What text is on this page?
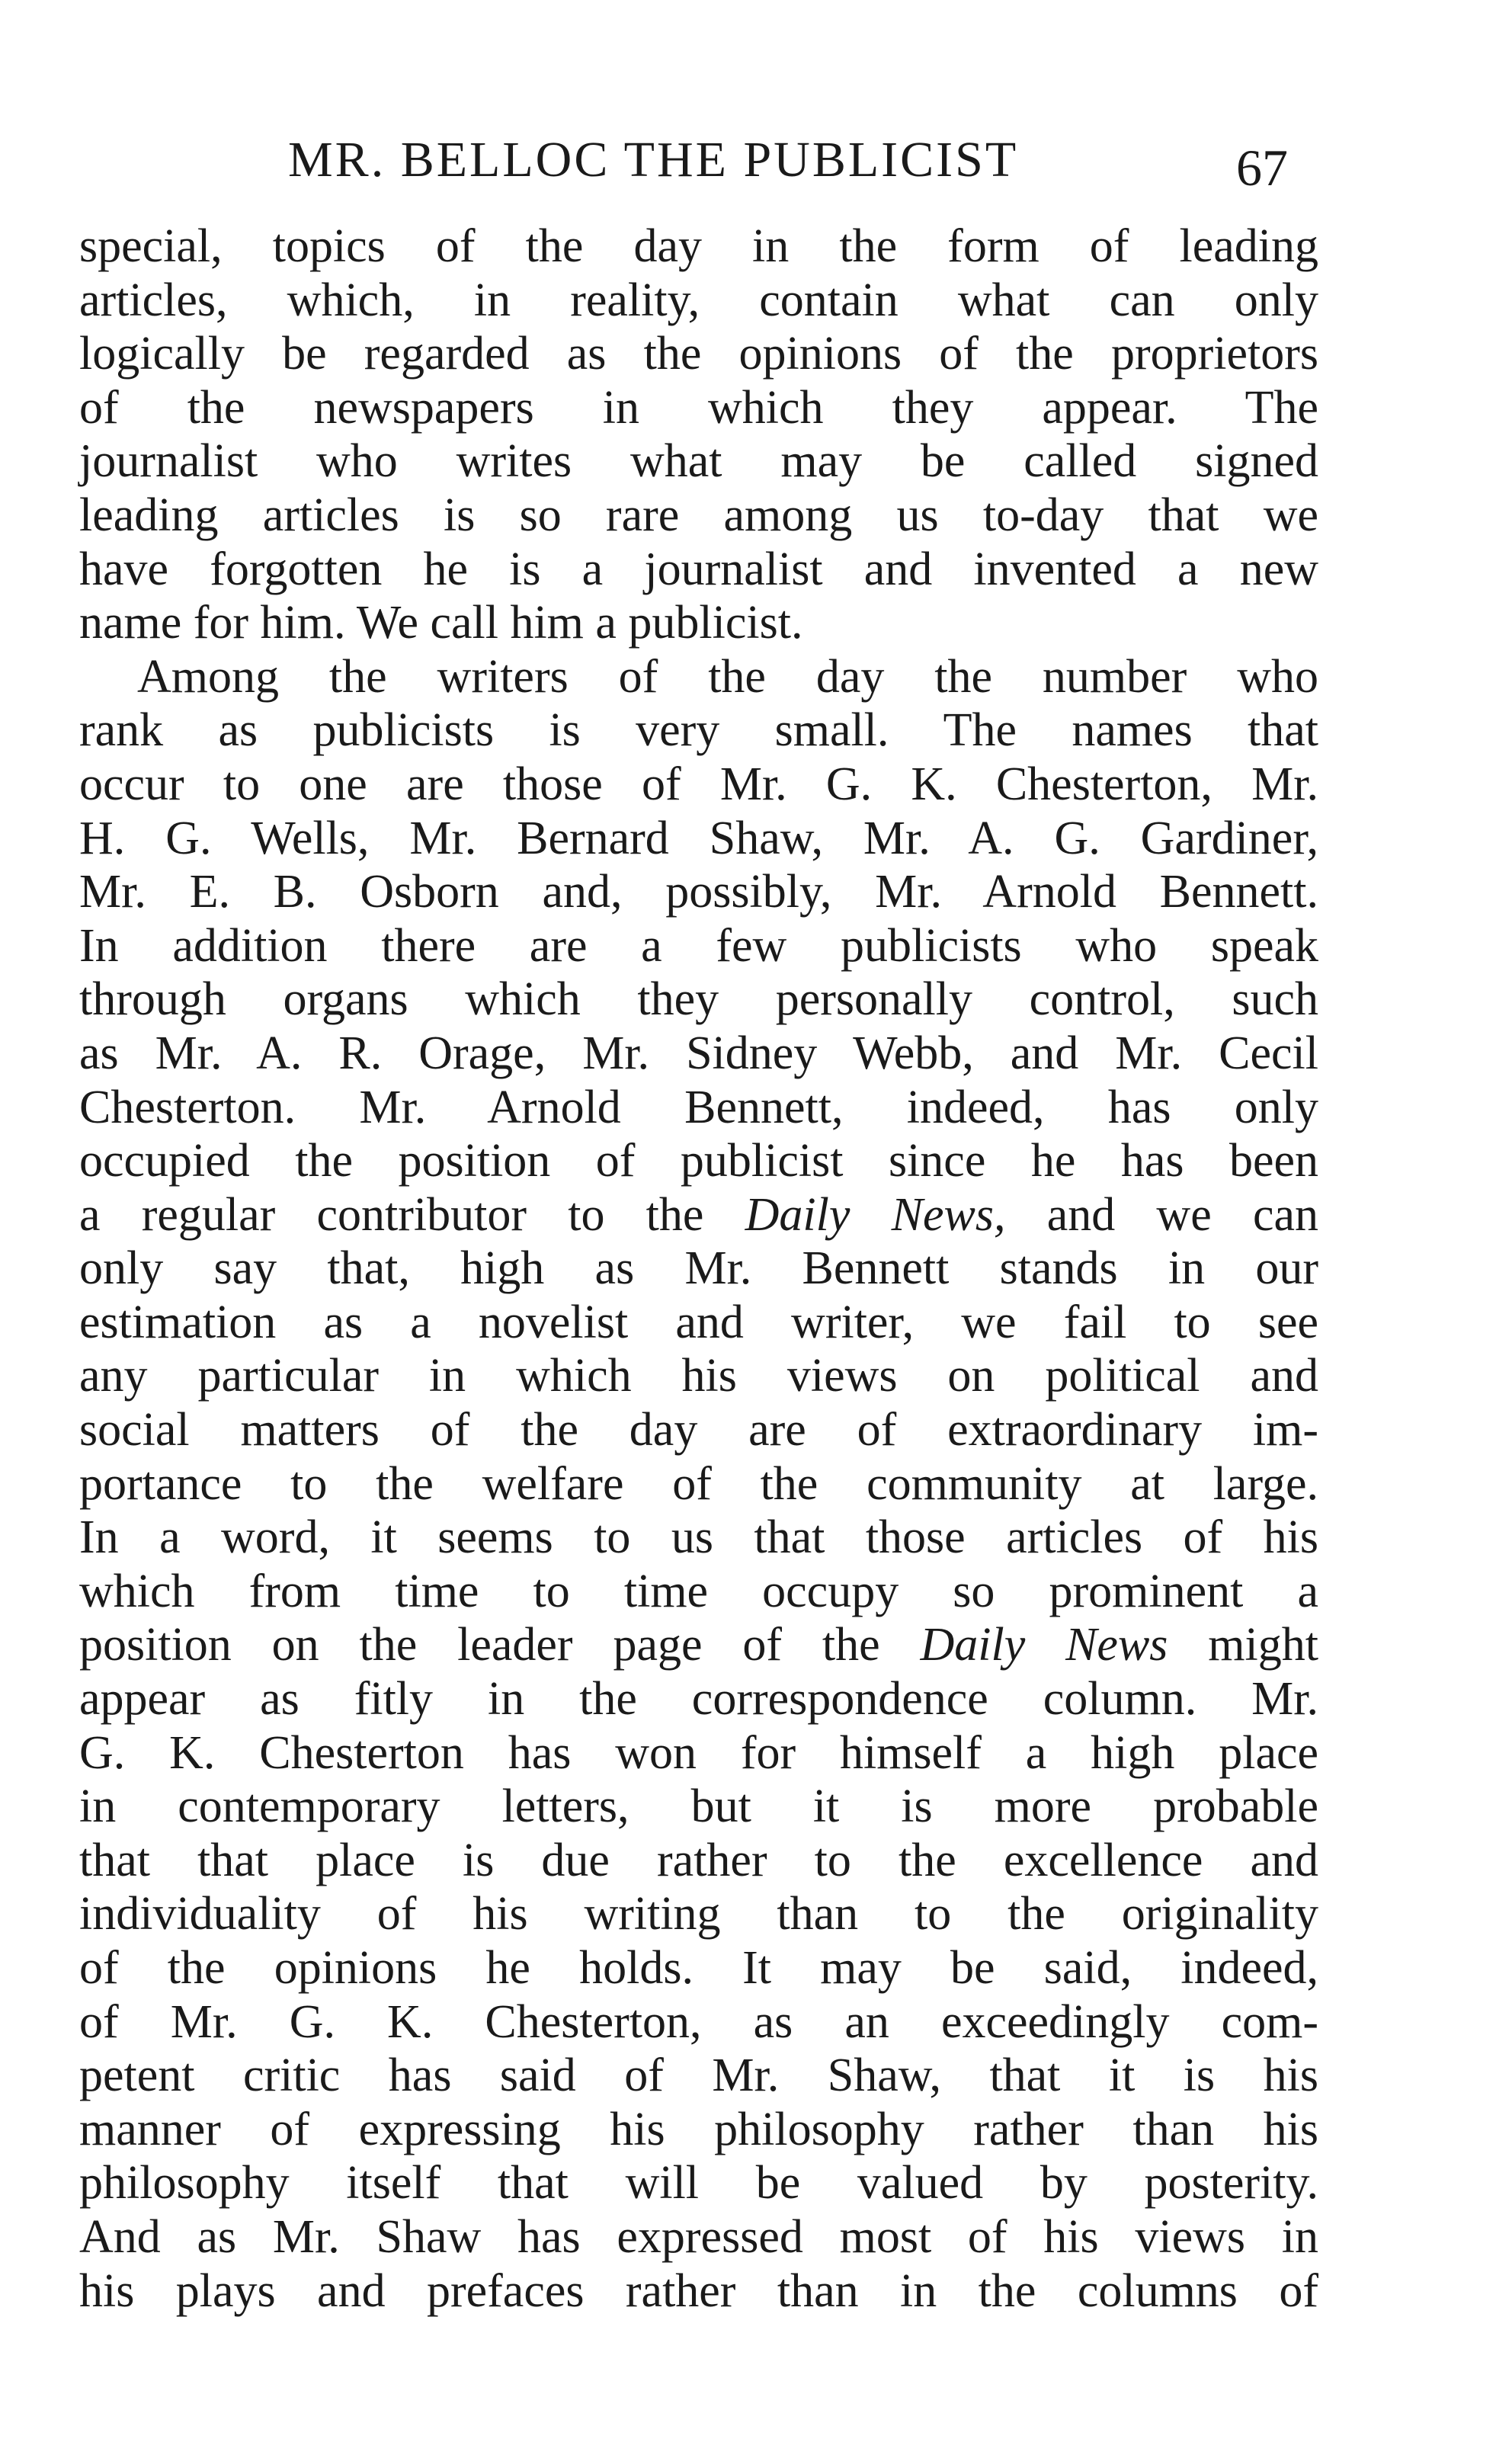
MR. BELLOC THE PUBLICIST	67
special, topics of the day in the form of leading
articles, which, in reality, contain what can only
logically be regarded as the opinions of the proprietors
of the newspapers in which they appear. The
journalist who writes what may be called signed
leading articles is so rare among us to-day that we
have forgotten he is a journalist and invented a new
name for him. We call him a publicist.
Among the writers of the day the number who
rank as publicists is very small. The names that
occur to one are those of Mr. G. K. Chesterton, Mr.
H. G. Wells, Mr. Bernard Shaw, Mr. A. G. Gardiner,
Mr. E. B. Osborn and, possibly, Mr. Arnold Bennett.
In addition there are a few publicists who speak
through organs which they personally control, such
as Mr. A. R. Orage, Mr. Sidney Webb, and Mr. Cecil
Chesterton. Mr. Arnold Bennett, indeed, has only
occupied the position of publicist since he has been
a regular contributor to the Daily News, and we can
only say that, high as Mr. Bennett stands in our
estimation as a novelist and writer, we fail to see
any particular in which his views on political and
social matters of the day are of extraordinary im-
portance to the welfare of the community at large.
In a word, it seems to us that those articles of his
which from time to time occupy so prominent a
position on the leader page of the Daily News might
appear as fitly in the correspondence column. Mr.
G. K. Chesterton has won for himself a high place
in contemporary letters, but it is more probable
that that place is due rather to the excellence and
individuality of his writing than to the originality
of the opinions he holds. It may be said, indeed,
of Mr. G. K. Chesterton, as an exceedingly com-
petent critic has said of Mr. Shaw, that it is his
manner of expressing his philosophy rather than his
philosophy itself that will be valued by posterity.
And as Mr. Shaw has expressed most of his views in
his plays and prefaces rather than in the columns of
